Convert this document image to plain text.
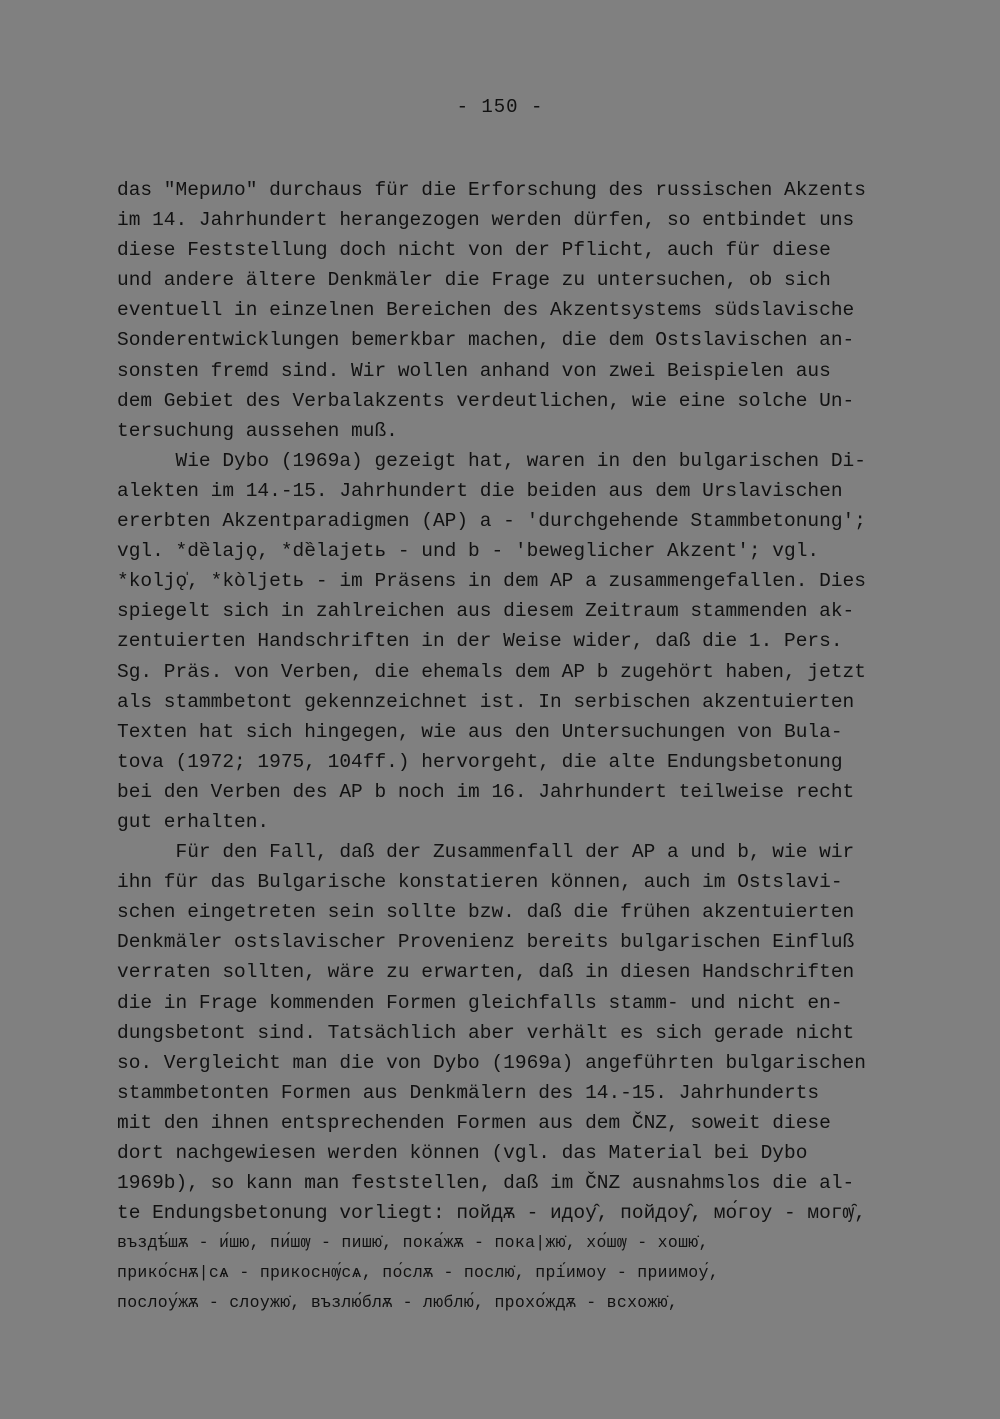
- 150 -
das "Мерило" durchaus für die Erforschung des russischen Akzents
im 14. Jahrhundert herangezogen werden dürfen, so entbindet uns
diese Feststellung doch nicht von der Pflicht, auch für diese
und andere ältere Denkmäler die Frage zu untersuchen, ob sich
eventuell in einzelnen Bereichen des Akzentsystems südslavische
Sonderentwicklungen bemerkbar machen, die dem Ostslavischen an-
sonsten fremd sind. Wir wollen anhand von zwei Beispielen aus
dem Gebiet des Verbalakzents verdeutlichen, wie eine solche Un-
tersuchung aussehen muß.
Wie Dybo (1969a) gezeigt hat, waren in den bulgarischen Di-
alekten im 14.-15. Jahrhundert die beiden aus dem Urslavischen
ererbten Akzentparadigmen (AP) a - 'durchgehende Stammbetonung';
vgl. *dȅlajǫ, *dȅlajetь - und b - 'beweglicher Akzent'; vgl.
*koljǫ̍, *kòljetь - im Präsens in dem AP a zusammengefallen. Dies
spiegelt sich in zahlreichen aus diesem Zeitraum stammenden ak-
zentuierten Handschriften in der Weise wider, daß die 1. Pers.
Sg. Präs. von Verben, die ehemals dem AP b zugehört haben, jetzt
als stammbetont gekennzeichnet ist. In serbischen akzentuierten
Texten hat sich hingegen, wie aus den Untersuchungen von Bula-
tova (1972; 1975, 104ff.) hervorgeht, die alte Endungsbetonung
bei den Verben des AP b noch im 16. Jahrhundert teilweise recht
gut erhalten.
Für den Fall, daß der Zusammenfall der AP a und b, wie wir
ihn für das Bulgarische konstatieren können, auch im Ostslavi-
schen eingetreten sein sollte bzw. daß die frühen akzentuierten
Denkmäler ostslavischer Provenienz bereits bulgarischen Einfluß
verraten sollten, wäre zu erwarten, daß in diesen Handschriften
die in Frage kommenden Formen gleichfalls stamm- und nicht en-
dungsbetont sind. Tatsächlich aber verhält es sich gerade nicht
so. Vergleicht man die von Dybo (1969a) angeführten bulgarischen
stammbetonten Formen aus Denkmälern des 14.-15. Jahrhunderts
mit den ihnen entsprechenden Formen aus dem ČNZ, soweit diese
dort nachgewiesen werden können (vgl. das Material bei Dybo
1969b), so kann man feststellen, daß im ČNZ ausnahmslos die al-
te Endungsbetonung vorliegt: пойдѫ - идоу̂, пойдоу̂, мо́гоу - могѹ̑,
въздѣ́шѫ - и́шю, пи́шѹ - пишю̇, пока́жѫ - пока|жю̇, хо́шѹ - хошю̇,
прико́снѫ|сѧ - прикоснѹ́сѧ, по́слѫ - послю̇, прі́имоу - приимоу́,
послоу́жѫ - слоужю̇, възлю́блѫ - люблю́, прохо́ждѫ - всхожю̇,
